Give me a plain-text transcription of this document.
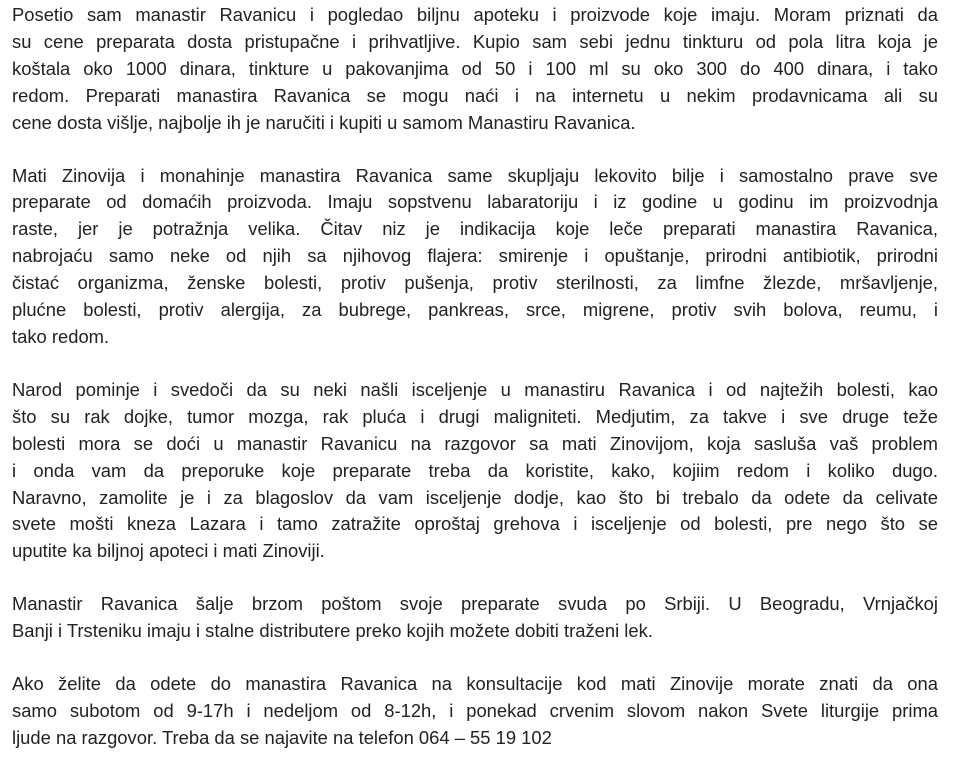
Posetio sam manastir Ravanicu i pogledao biljnu apoteku i proizvode koje imaju. Moram priznati da
su cene preparata dosta pristupačne i prihvatljive. Kupio sam sebi jednu tinkturu od pola litra koja je
koštala oko 1000 dinara, tinkture u pakovanjima od 50 i 100 ml su oko 300 do 400 dinara, i tako
redom. Preparati manastira Ravanica se mogu naći i na internetu u nekim prodavnicama ali su
cene dosta višlje, najbolje ih je naručiti i kupiti u samom Manastiru Ravanica.
Mati Zinovija i monahinje manastira Ravanica same skupljaju lekovito bilje i samostalno prave sve
preparate od domaćih proizvoda. Imaju sopstvenu labaratoriju i iz godine u godinu im proizvodnja
raste, jer je potražnja velika. Čitav niz je indikacija koje leče preparati manastira Ravanica,
nabrojaću samo neke od njih sa njihovog flajera: smirenje i opuštanje, prirodni antibiotik, prirodni
čistać organizma, ženske bolesti, protiv pušenja, protiv sterilnosti, za limfne žlezde, mršavljenje,
plućne bolesti, protiv alergija, za bubrege, pankreas, srce, migrene, protiv svih bolova, reumu, i
tako redom.
Narod pominje i svedoči da su neki našli isceljenje u manastiru Ravanica i od najtežih bolesti, kao
što su rak dojke, tumor mozga, rak pluća i drugi maligniteti. Medjutim, za takve i sve druge teže
bolesti mora se doći u manastir Ravanicu na razgovor sa mati Zinovijom, koja sasluša vaš problem
i onda vam da preporuke koje preparate treba da koristite, kako, kojiim redom i koliko dugo.
Naravno, zamolite je i za blagoslov da vam isceljenje dodje, kao što bi trebalo da odete da celivate
svete mošti kneza Lazara i tamo zatražite oproštaj grehova i isceljenje od bolesti, pre nego što se
uputite ka biljnoj apoteci i mati Zinoviji.
Manastir Ravanica šalje brzom poštom svoje preparate svuda po Srbiji. U Beogradu, Vrnjačkoj
Banji i Trsteniku imaju i stalne distributere preko kojih možete dobiti traženi lek.
Ako želite da odete do manastira Ravanica na konsultacije kod mati Zinovije morate znati da ona
samo subotom od 9-17h i nedeljom od 8-12h, i ponekad crvenim slovom nakon Svete liturgije prima
ljude na razgovor. Treba da se najavite na telefon 064 – 55 19 102
